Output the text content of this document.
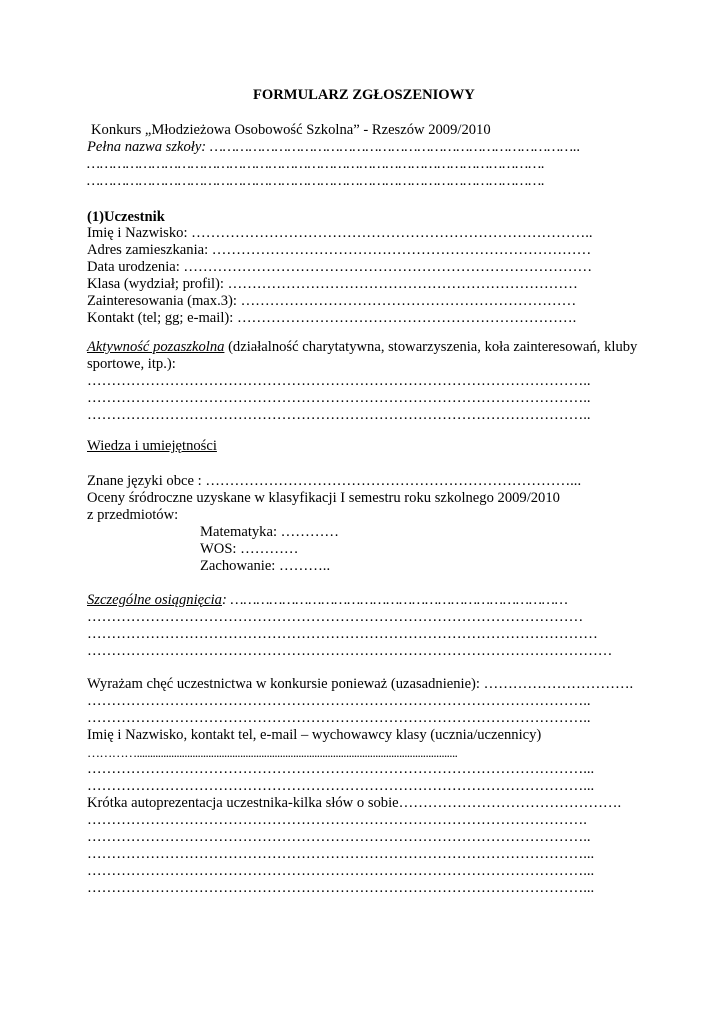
FORMULARZ ZGŁOSZENIOWY
Konkurs „Młodzieżowa Osobowość Szkolna” - Rzeszów 2009/2010
Pełna nazwa szkoły: …………………………………………………………………………..
…………………………………………………………………………………………….
…………………………………………………………………………………………….
(1)Uczestnik
Imię i Nazwisko: ………………………………………………………………………..
Adres zamieszkania: ……………………………………………………………………
Data urodzenia: …………………………………………………………………………
Klasa (wydział; profil): ………………………………………………………………
Zainteresowania (max.3): ……………………………………………………………
Kontakt (tel; gg; e-mail): …………………………………………………………….
Aktywność pozaszkolna (działalność charytatywna, stowarzyszenia, koła zainteresowań, kluby
sportowe, itp.):
…………………………………………………………………………………………..
…………………………………………………………………………………………..
…………………………………………………………………………………………..
Wiedza i umiejętności
Znane języki obce : …………………………………………………………………...
Oceny śródroczne uzyskane w klasyfikacji I semestru roku szkolnego 2009/2010
z przedmiotów:
Matematyka: …………
WOS: …………
Zachowanie: ………..
Szczególne osiągnięcia: ……………………………………………………………………
…………………………………………………………………………………………
……………………………………………………………………………………………
………………………………………………………………………………………………
Wyrażam chęć uczestnictwa w konkursie ponieważ (uzasadnienie): ………………………….
…………………………………………………………………………………………..
…………………………………………………………………………………………..
Imię i Nazwisko, kontakt tel, e-mail – wychowawcy klasy (ucznia/uczennicy)
………….........................................................................................................................
…………………………………………………………………………………………...
…………………………………………………………………………………………...
Krótka autoprezentacja uczestnika-kilka słów o sobie……………………………………….
………………………………………………………………………………………….
…………………………………………………………………………………………..
…………………………………………………………………………………………...
…………………………………………………………………………………………...
…………………………………………………………………………………………...
